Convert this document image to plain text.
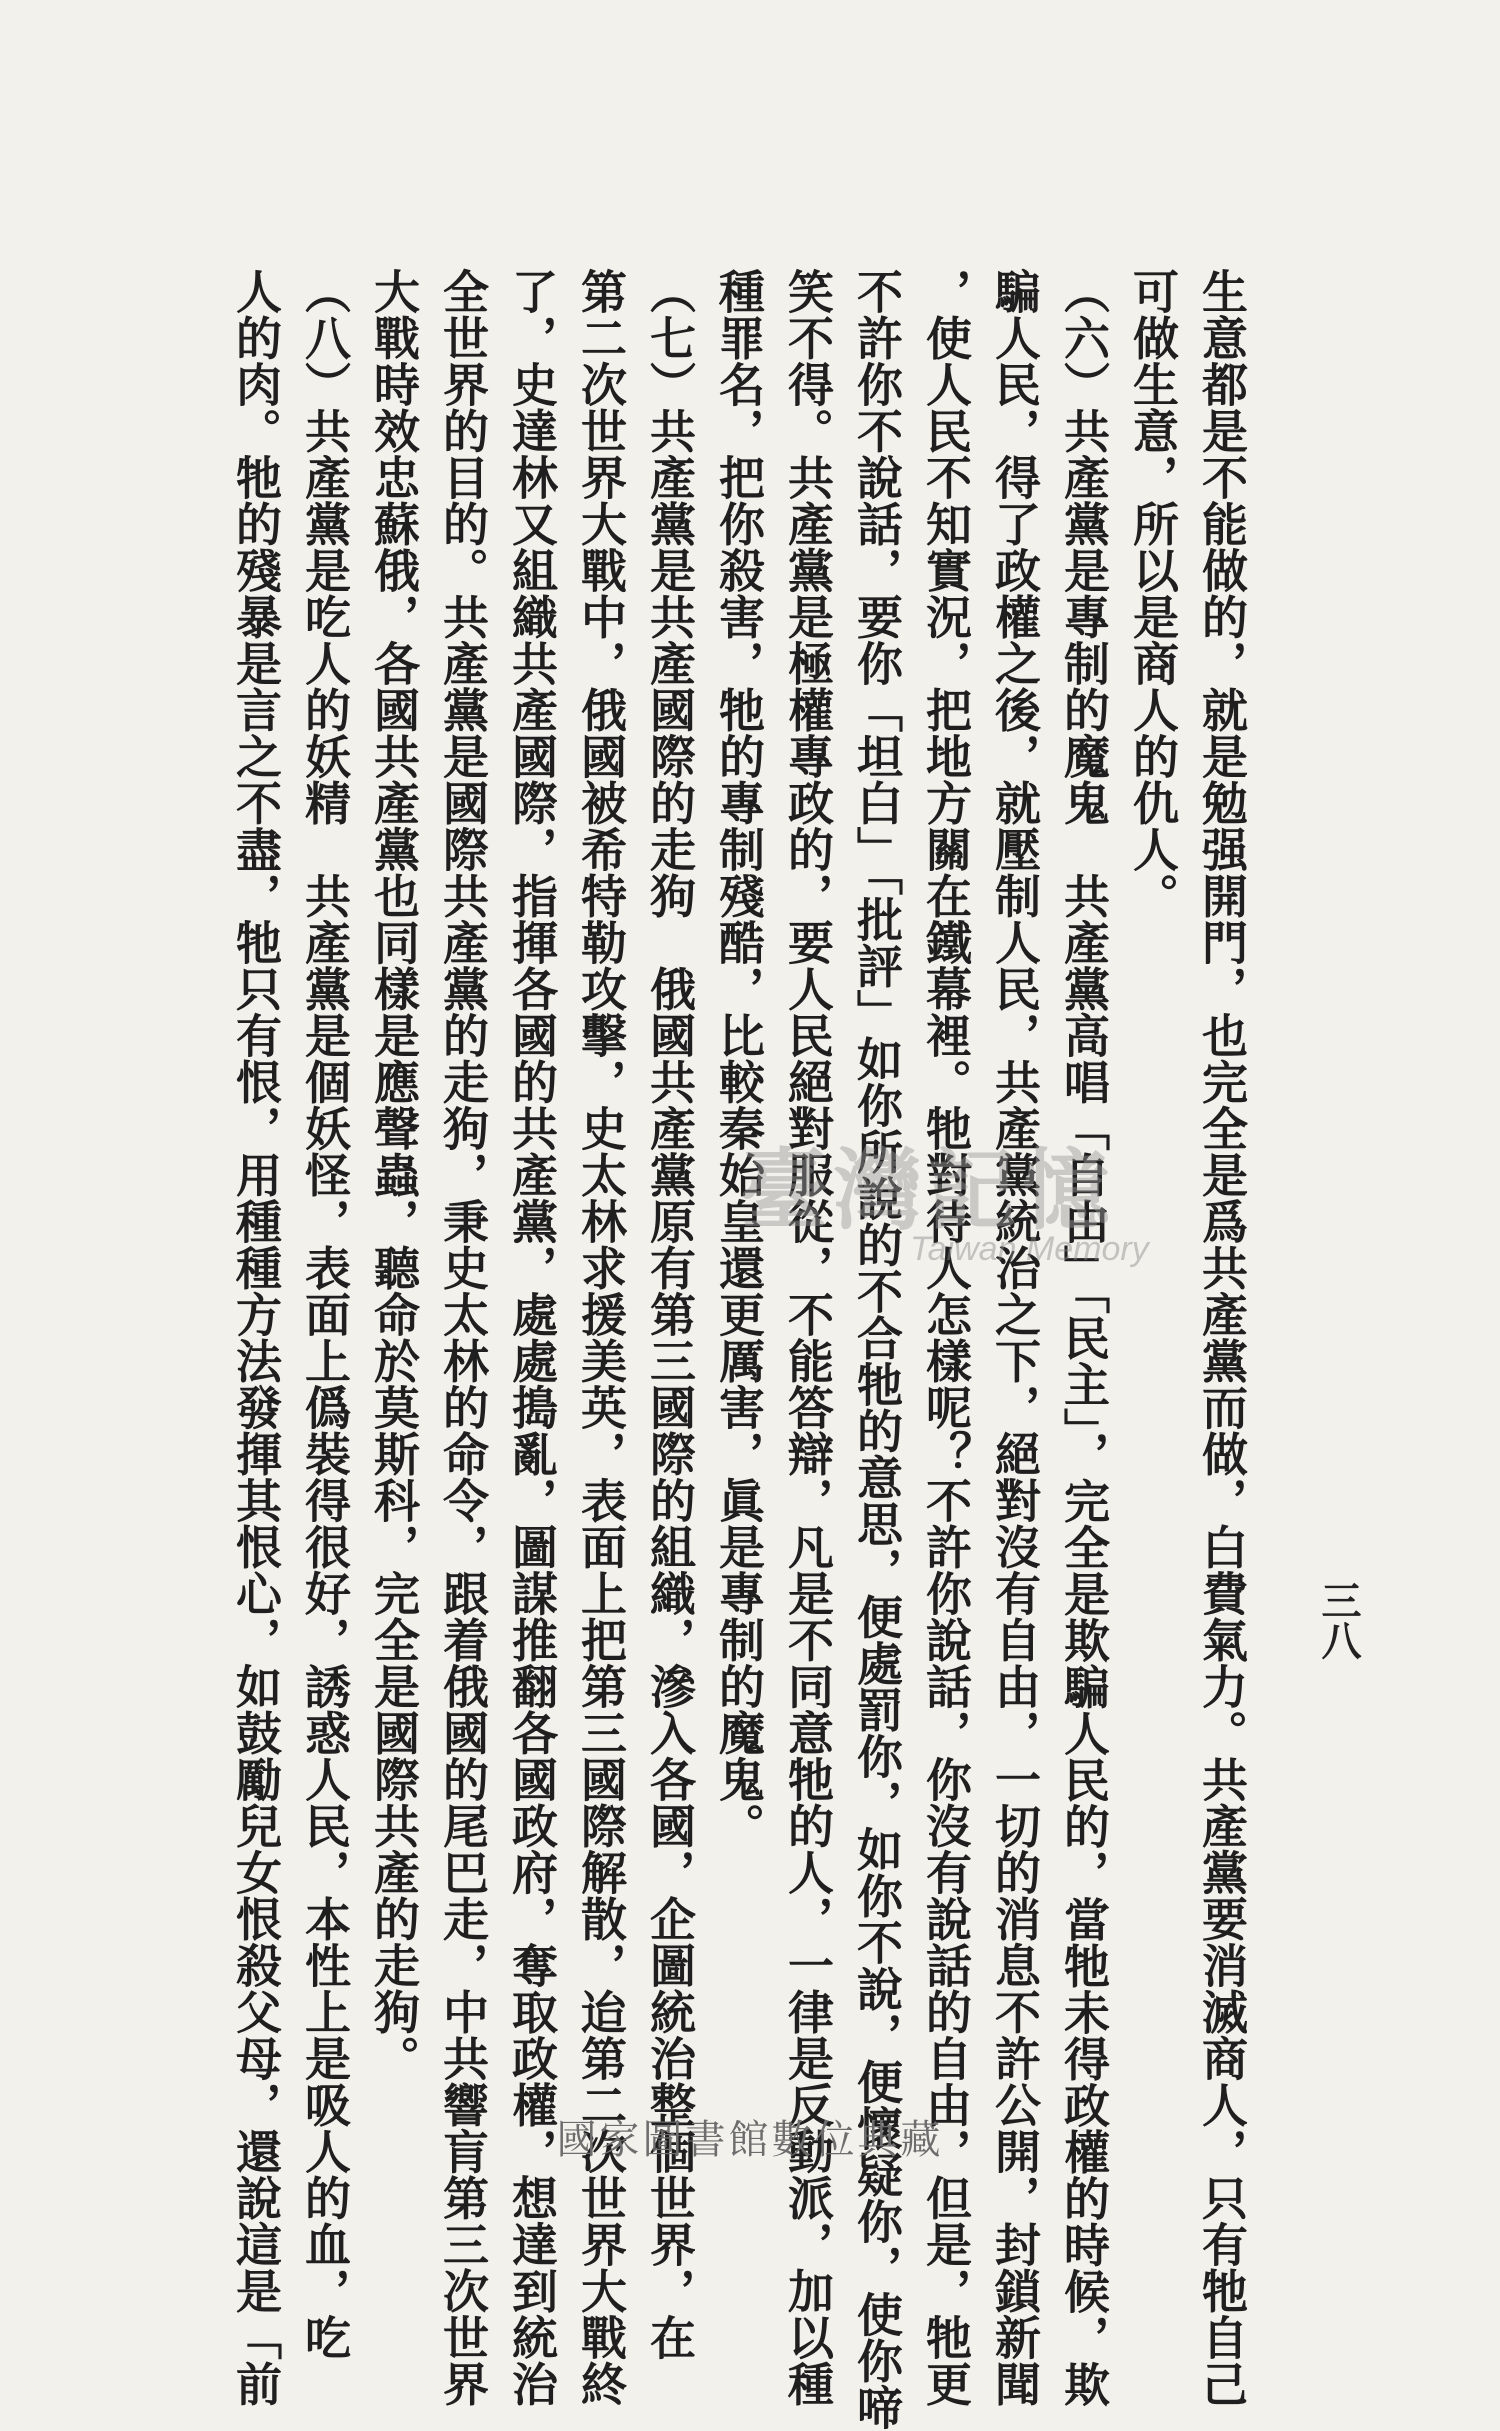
三八
生意都是不能做的，就是勉强開門，也完全是爲共產黨而做，白費氣力。共產黨要消滅商人，只有牠自己
可做生意，所以是商人的仇人。
（六）共產黨是專制的魔鬼　共產黨高唱「自由」「民主」，完全是欺騙人民的，當牠未得政權的時候，欺
騙人民，得了政權之後，就壓制人民，共產黨統治之下，絕對沒有自由，一切的消息不許公開，封鎖新聞
，使人民不知實況，把地方關在鐵幕裡。牠對待人怎樣呢？不許你說話，你沒有說話的自由，但是，牠更
不許你不說話，要你「坦白」「批評」如你所說的不合牠的意思，便處罰你，如你不說，便懷疑你，使你啼
笑不得。共產黨是極權專政的，要人民絕對服從，不能答辯，凡是不同意牠的人，一律是反動派，加以種
種罪名，把你殺害，牠的專制殘酷，比較秦始皇還更厲害，眞是專制的魔鬼。
（七）共產黨是共產國際的走狗　俄國共產黨原有第三國際的組織，滲入各國，企圖統治整個世界，在
第二次世界大戰中，俄國被希特勒攻擊，史太林求援美英，表面上把第三國際解散，迨第二次世界大戰終
了，史達林又組織共產國際，指揮各國的共產黨，處處搗亂，圖謀推翻各國政府，奪取政權，想達到統治
全世界的目的。共產黨是國際共產黨的走狗，秉史太林的命令，跟着俄國的尾巴走，中共響肓第三次世界
大戰時效忠蘇俄，各國共產黨也同樣是應聲蟲，聽命於莫斯科，完全是國際共產的走狗。
（八）共產黨是吃人的妖精　共產黨是個妖怪，表面上僞裝得很好，誘惑人民，本性上是吸人的血，吃
人的肉。牠的殘暴是言之不盡，牠只有恨，用種種方法發揮其恨心，如鼓勵兒女恨殺父母，還說這是「前	臺灣記憶
Taiwan Memory
國家圖書館數位典藏
